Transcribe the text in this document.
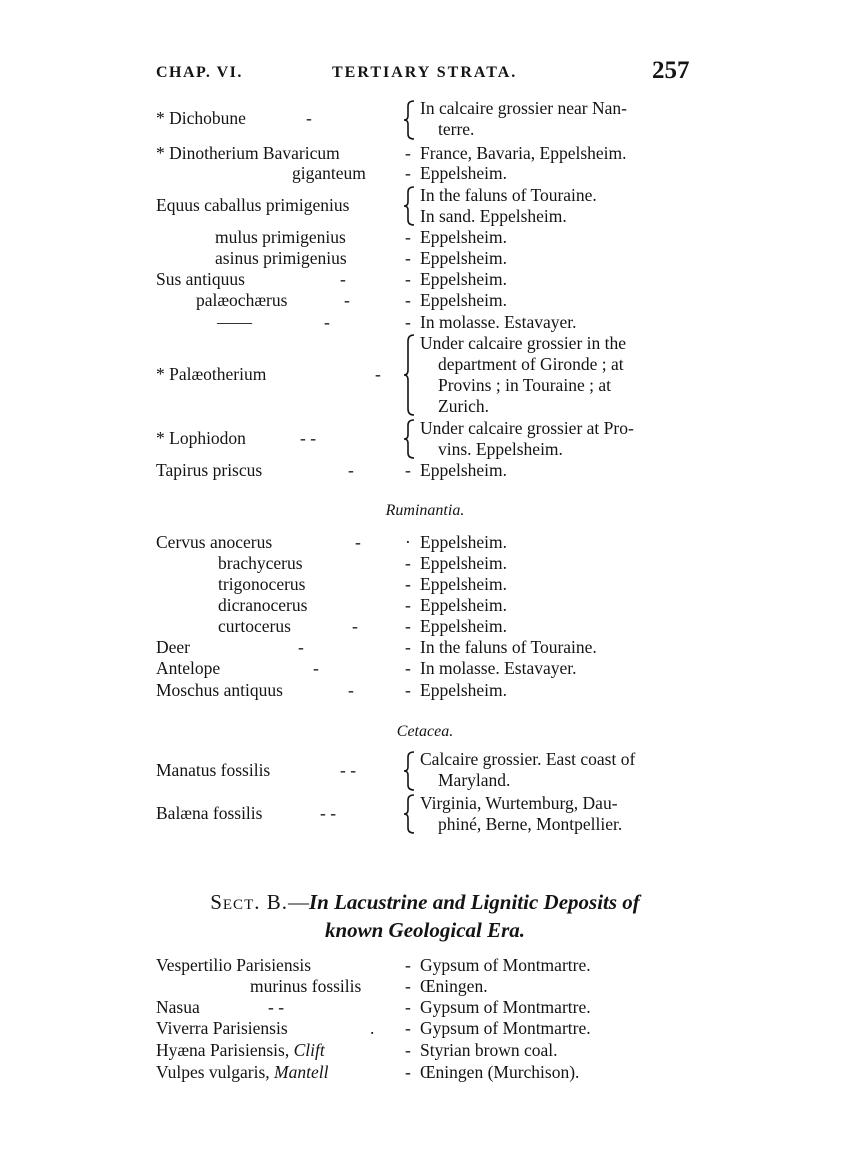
CHAP. VI.	TERTIARY STRATA.	257
* Dichobune	-	In calcaire grossier near Nan-
terre.
* Dinotherium Bavaricum	- France, Bavaria, Eppelsheim.
giganteum - Eppelsheim.
Equus caballus primigenius	In the faluns of Touraine.
In sand. Eppelsheim.
mulus primigenius	- Eppelsheim.
asinus primigenius	- Eppelsheim.
Sus antiquus	-	- Eppelsheim.
palæochærus	-	- Eppelsheim.
——	-	- In molasse. Estavayer.
* Palæotherium	-
Under calcaire grossier in the
department of Gironde ; at
Provins ; in Touraine ; at
Zurich.
* Lophiodon	- -	Under calcaire grossier at Pro-
vins. Eppelsheim.
Tapirus priscus	-	- Eppelsheim.
Ruminantia.
Cervus anocerus	-	· Eppelsheim.
brachycerus	- Eppelsheim.
trigonocerus	- Eppelsheim.
dicranocerus	- Eppelsheim.
curtocerus	-	- Eppelsheim.
Deer	-	- In the faluns of Touraine.
Antelope	-	- In molasse. Estavayer.
Moschus antiquus	-	- Eppelsheim.
Cetacea.
Manatus fossilis	- -
Calcaire grossier. East coast of
Maryland.
Balæna fossilis	- -	Virginia, Wurtemburg, Dau-
phiné, Berne, Montpellier.
Sect. B.—In Lacustrine and Lignitic Deposits of
known Geological Era.
Vespertilio Parisiensis	- Gypsum of Montmartre.
murinus fossilis - Œningen.
Nasua	- -	- Gypsum of Montmartre.
Viverra Parisiensis	. - Gypsum of Montmartre.
Hyæna Parisiensis, Clift	- Styrian brown coal.
Vulpes vulgaris, Mantell	- Œningen (Murchison).
